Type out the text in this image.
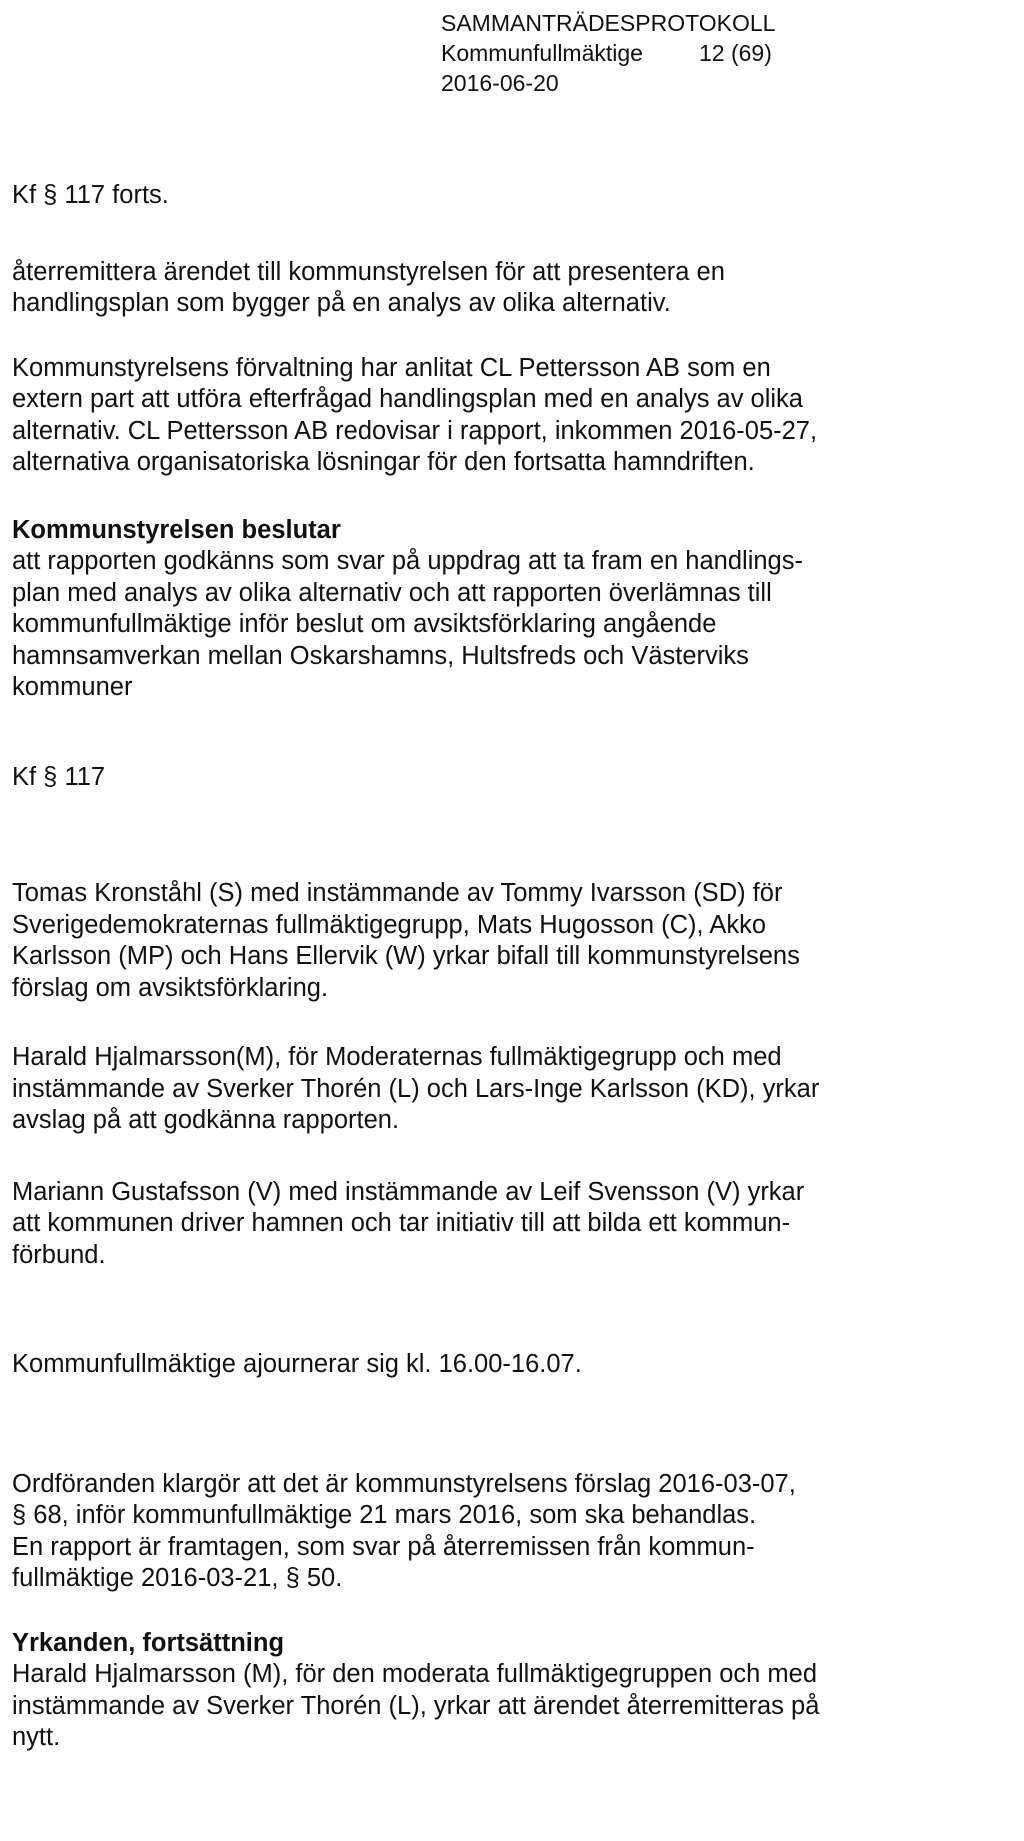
SAMMANTRÄDESPROTOKOLL
Kommunfullmäktige 12 (69)
2016-06-20

Kf § 117 forts.

återremittera ärendet till kommunstyrelsen för att presentera en
handlingsplan som bygger på en analys av olika alternativ.

Kommunstyrelsens förvaltning har anlitat CL Pettersson AB som en
extern part att utföra efterfrågad handlingsplan med en analys av olika
alternativ. CL Pettersson AB redovisar i rapport, inkommen 2016-05-27,
alternativa organisatoriska lösningar för den fortsatta hamndriften.

Kommunstyrelsen beslutar

att rapporten godkänns som svar på uppdrag att ta fram en handlings-
plan med analys av olika alternativ och att rapporten överlämnas till
kommunfullmäktige inför beslut om avsiktsförklaring angående
hamnsamverkan mellan Oskarshamns, Hultsfreds och Västerviks
kommuner

Kf § 117

Tomas Kronståhl (S) med instämmande av Tommy Ivarsson (SD) för
Sverigedemokraternas fullmäktigegrupp, Mats Hugosson (C), Akko
Karlsson (MP) och Hans Ellervik (W) yrkar bifall till kommunstyrelsens
förslag om avsiktsförklaring.

Harald Hjalmarsson(M), för Moderaternas fullmäktigegrupp och med
instämmande av Sverker Thorén (L) och Lars-Inge Karlsson (KD), yrkar
avslag på att godkänna rapporten.

Mariann Gustafsson (V) med instämmande av Leif Svensson (V) yrkar
att kommunen driver hamnen och tar initiativ till att bilda ett kommun-
förbund.

Kommunfullmäktige ajournerar sig kl. 16.00-16.07.

Ordföranden klargör att det är kommunstyrelsens förslag 2016-03-07,
§ 68, inför kommunfullmäktige 21 mars 2016, som ska behandlas.
En rapport är framtagen, som svar på återremissen från kommun-
fullmäktige 2016-03-21, § 50.

Yrkanden, fortsättning

Harald Hjalmarsson (M), för den moderata fullmäktigegruppen och med
instämmande av Sverker Thorén (L), yrkar att ärendet återremitteras på
nytt.
